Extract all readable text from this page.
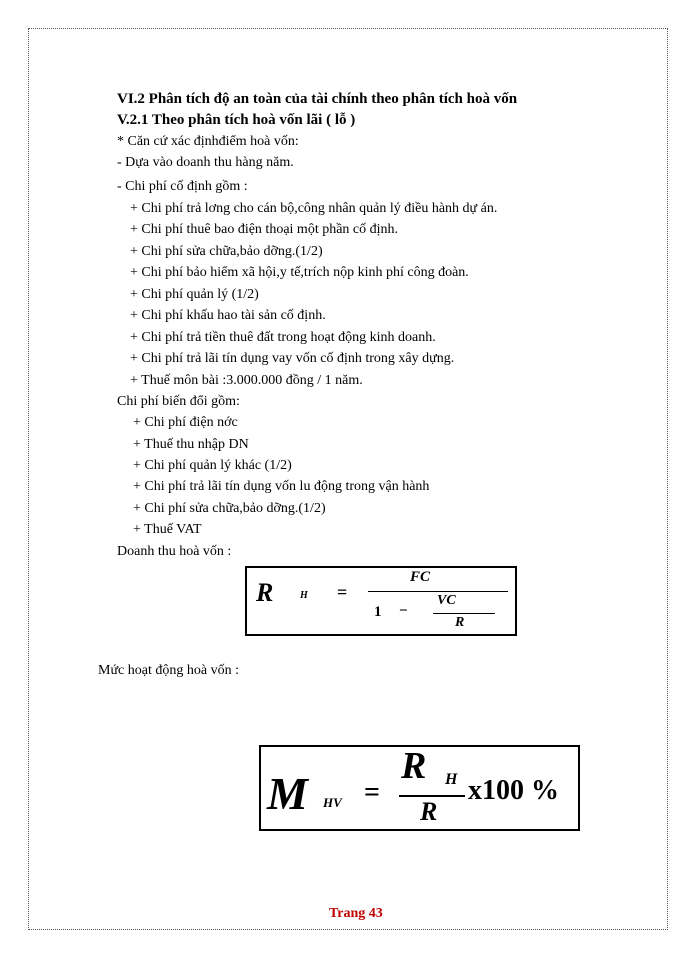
VI.2 Phân tích độ an toàn của tài chính theo phân tích hoà vốn
V.2.1 Theo phân tích hoà vốn lãi ( lỗ )
* Căn cứ xác địnhđiểm hoà vốn:
- Dựa vào doanh thu hàng năm.
- Chi phí cố định gồm :
+ Chi phí trả lơng cho cán bộ,công nhân quản lý điều hành dự án.
+ Chi phí thuê bao điện thoại một phần cố định.
+ Chi phí sửa chữa,bảo dỡng.(1/2)
+ Chi phí bảo hiểm xã hội,y tế,trích nộp kinh phí công đoàn.
+ Chi phí quản lý (1/2)
+ Chi phí khấu hao tài sản cố định.
+ Chi phí trả tiền thuê đất trong hoạt động kinh doanh.
+ Chi phí trả lãi tín dụng vay vốn cố định trong xây dựng.
+ Thuế môn bài :3.000.000 đồng / 1 năm.
Chi phí biến đổi gồm:
+ Chi phí điện nớc
+ Thuế thu nhập DN
+ Chi phí quản lý khác (1/2)
+ Chi phí trả lãi tín dụng vốn lu động trong vận hành
+ Chi phí sửa chữa,bảo dỡng.(1/2)
+ Thuế VAT
Doanh thu hoà vốn :
R	H =
FC
1 −
VC
R
Mức hoạt động hoà vốn :
M HV =
R H
R
x100 %
Trang 43
